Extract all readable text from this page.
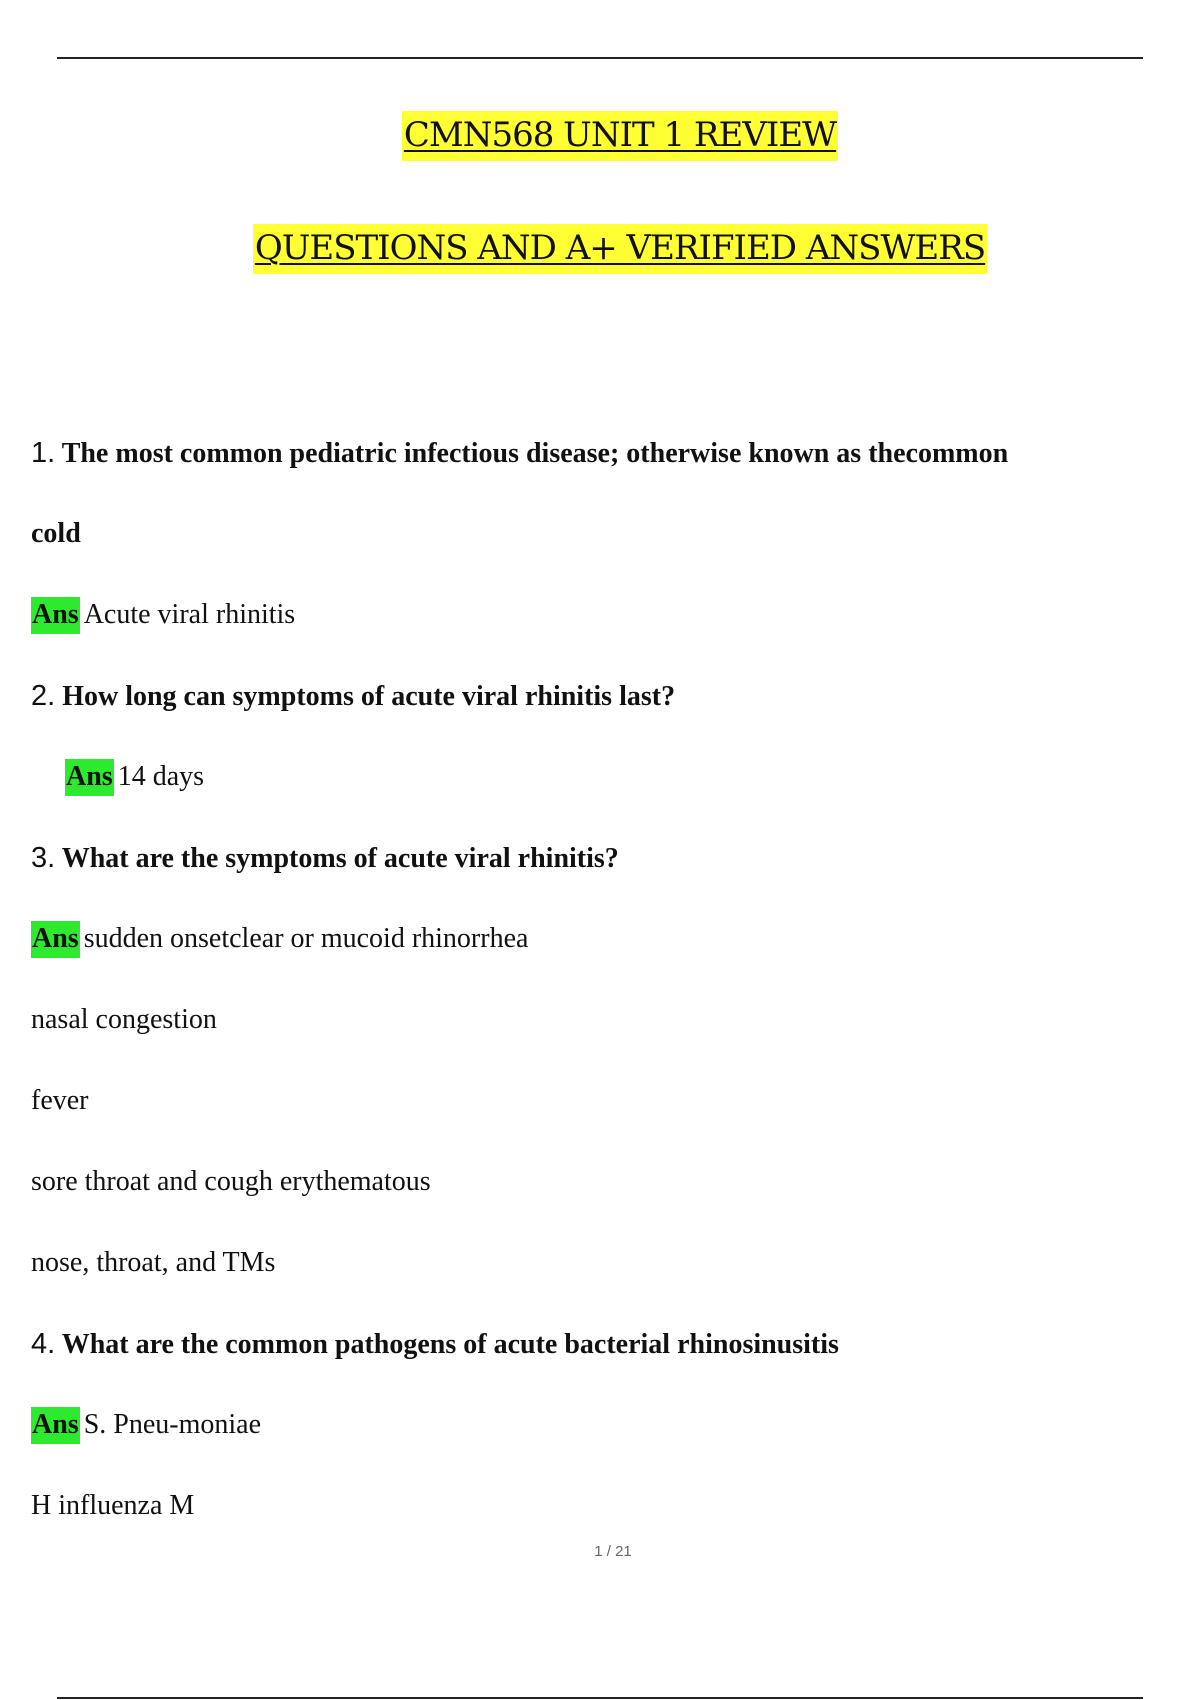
CMN568 UNIT 1 REVIEW
QUESTIONS AND A+ VERIFIED ANSWERS
1. The most common pediatric infectious disease; otherwise known as thecommon
cold
Ans Acute viral rhinitis
2. How long can symptoms of acute viral rhinitis last?
Ans 14 days
3. What are the symptoms of acute viral rhinitis?
Ans sudden onsetclear or mucoid rhinorrhea
nasal congestion
fever
sore throat and cough erythematous
nose, throat, and TMs
4. What are the common pathogens of acute bacterial rhinosinusitis
Ans S. Pneu-moniae
H influenza M
1 / 21
